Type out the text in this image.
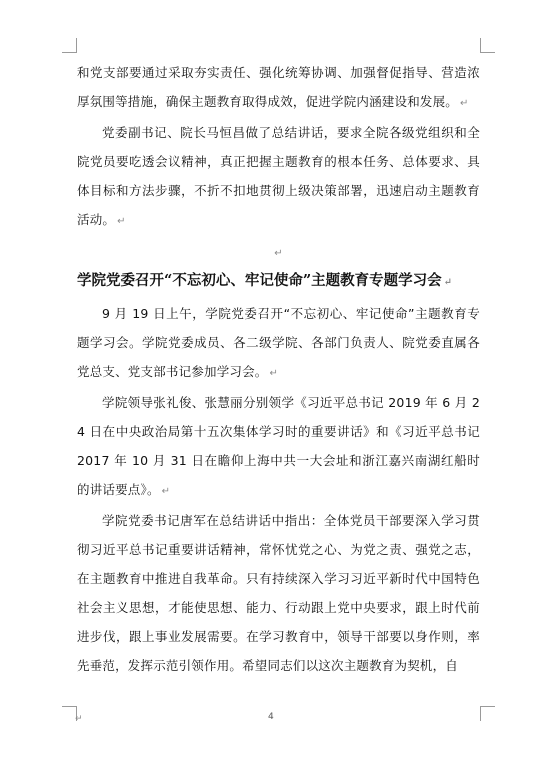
和党支部要通过采取夯实责任、强化统筹协调、加强督促指导、营造浓厚氛围等措施，确保主题教育取得成效，促进学院内涵建设和发展。 ↵

党委副书记、院长马恒昌做了总结讲话，要求全院各级党组织和全院党员要吃透会议精神，真正把握主题教育的根本任务、总体要求、具体目标和方法步骤，不折不扣地贯彻上级决策部署，迅速启动主题教育活动。 ↵

↵
学院党委召开“不忘初心、牢记使命”主题教育专题学习会 ↵

9 月 19 日上午，学院党委召开“不忘初心、牢记使命”主题教育专题学习会。学院党委成员、各二级学院、各部门负责人、院党委直属各党总支、党支部书记参加学习会。 ↵

学院领导张礼俊、张慧丽分别领学《习近平总书记 2019 年 6 月 24 日在中央政治局第十五次集体学习时的重要讲话》和《习近平总书记 2017 年 10 月 31 日在瞻仰上海中共一大会址和浙江嘉兴南湖红船时的讲话要点》。 ↵

学院党委书记唐军在总结讲话中指出：全体党员干部要深入学习贯彻习近平总书记重要讲话精神，常怀忧党之心、为党之责、强党之志，在主题教育中推进自我革命。只有持续深入学习习近平新时代中国特色社会主义思想，才能使思想、能力、行动跟上党中央要求，跟上时代前进步伐，跟上事业发展需要。在学习教育中，领导干部要以身作则，率先垂范，发挥示范引领作用。希望同志们以这次主题教育为契机，自

↵	4
